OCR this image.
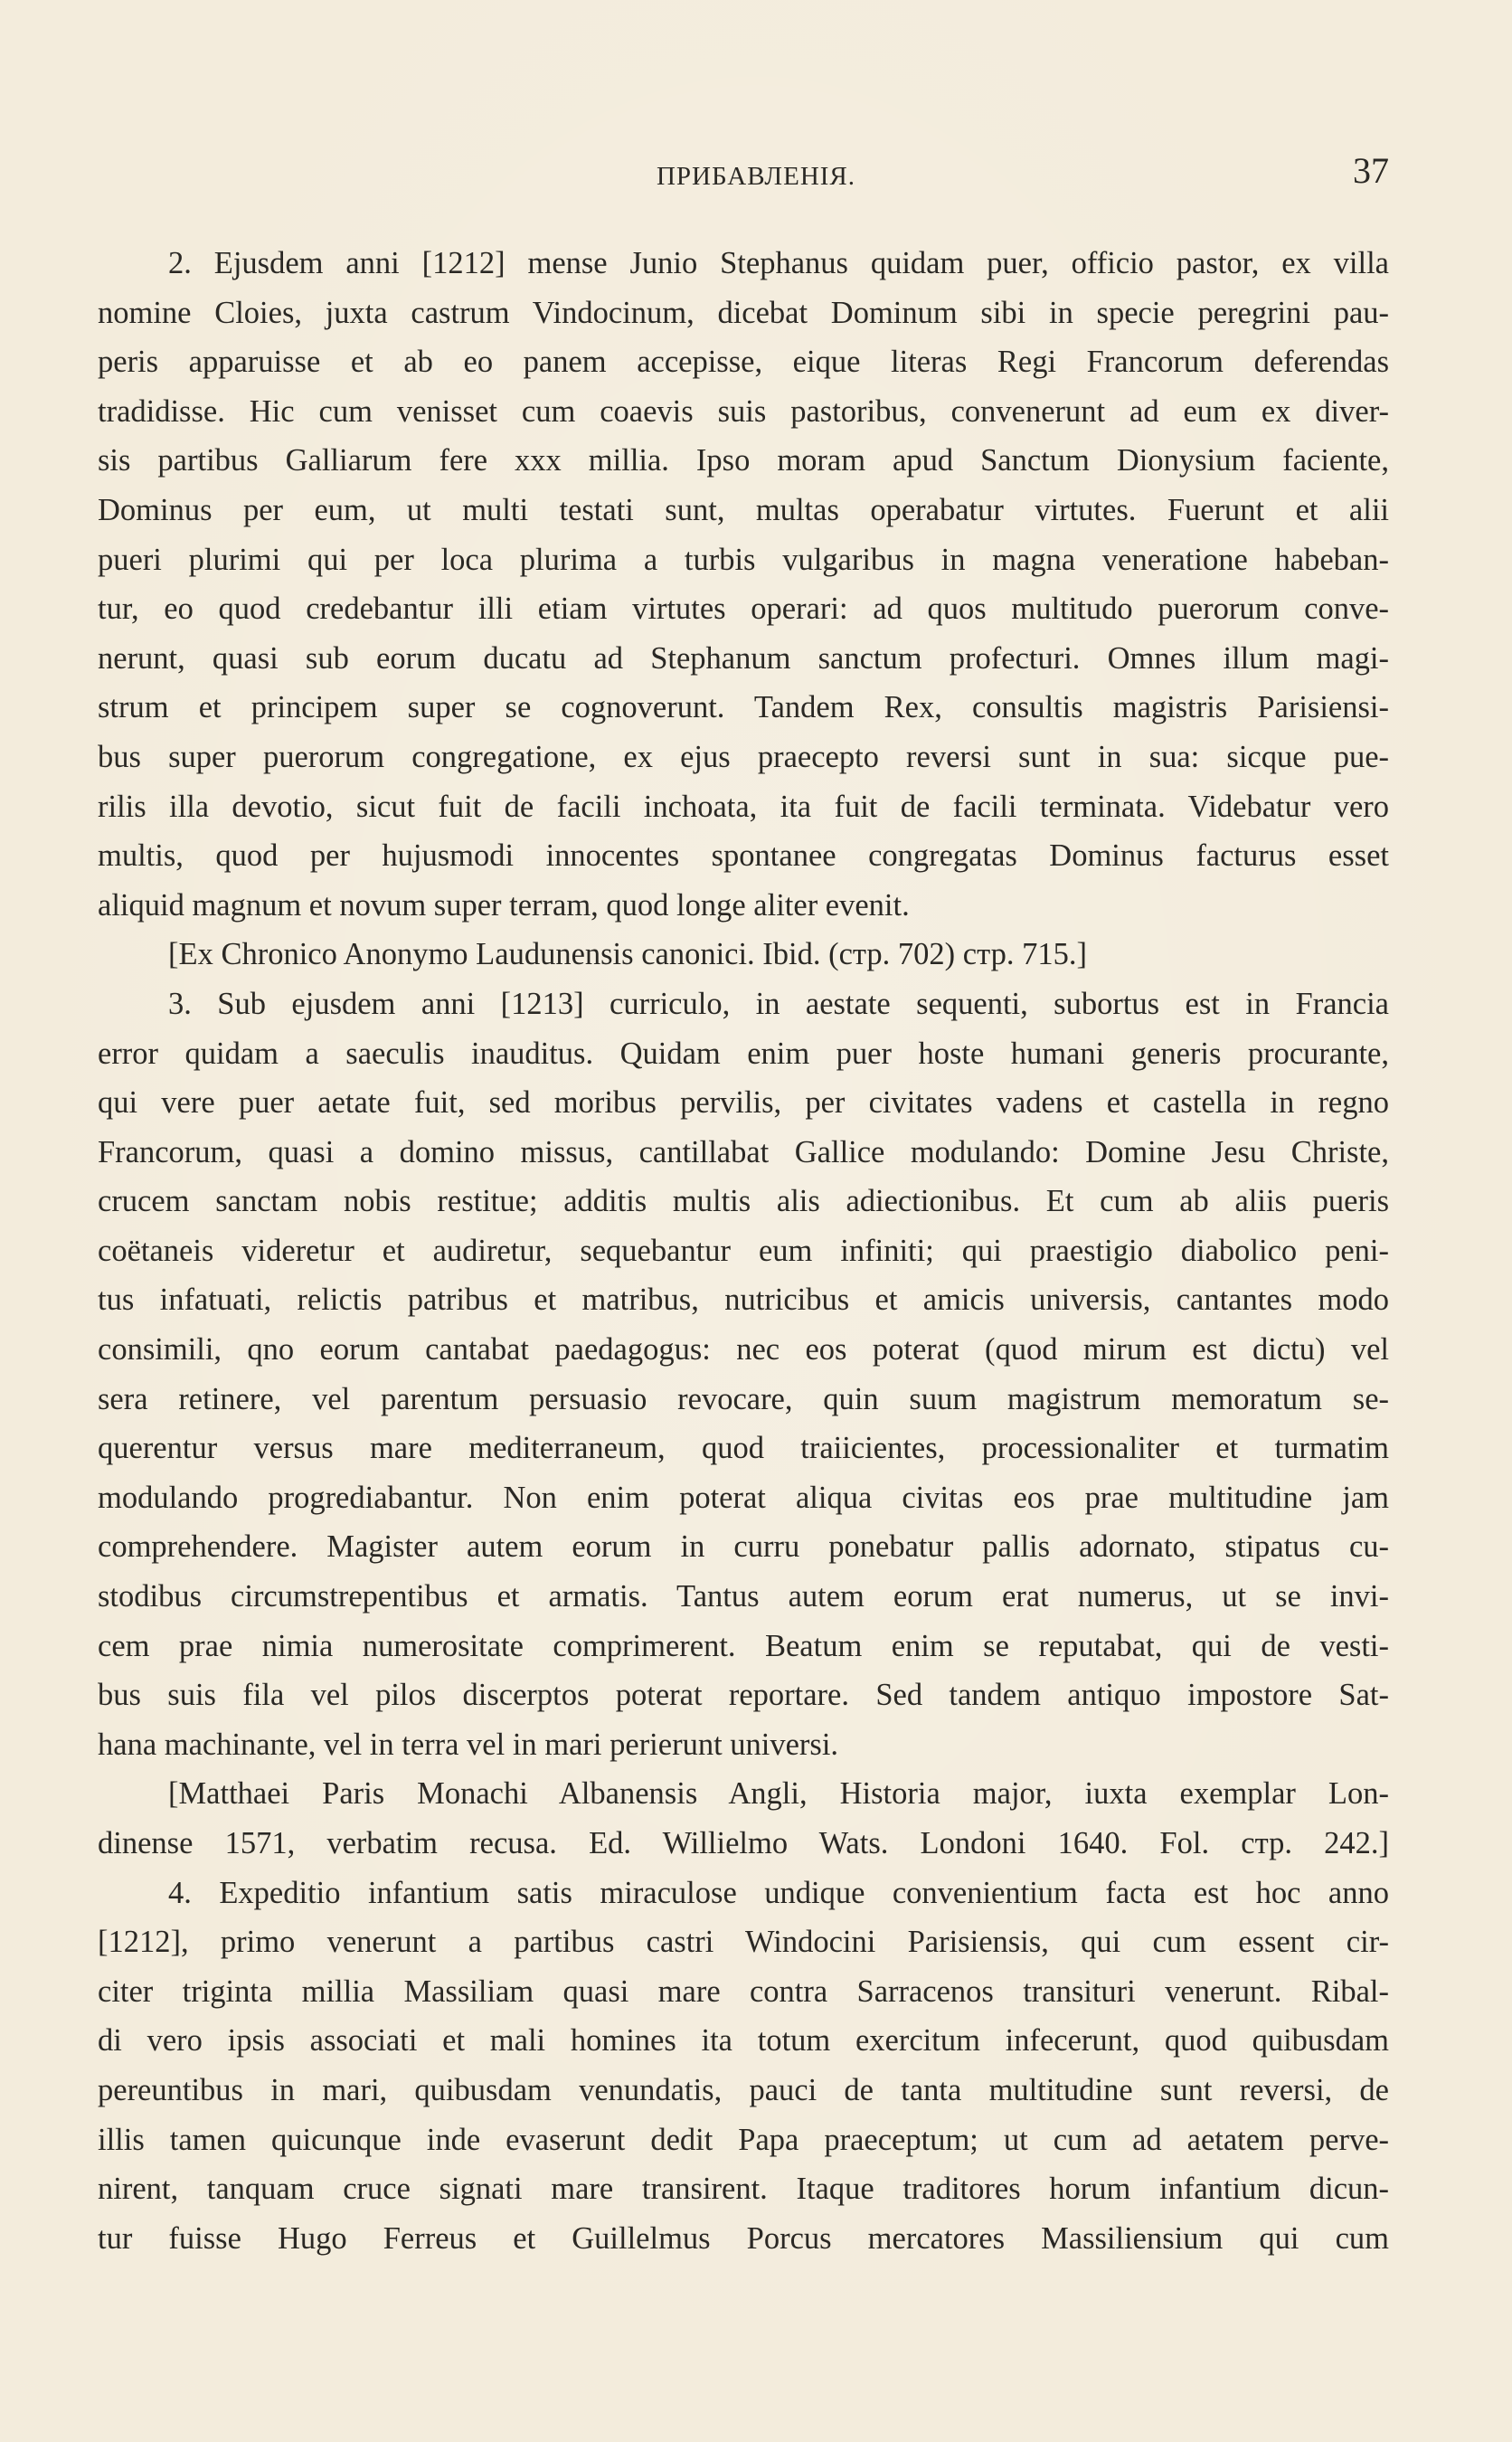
ПРИБАВЛЕНІЯ.	37
2. Ejusdem anni [1212] mense Junio Stephanus quidam puer, officio pastor, ex villa
nomine Cloies, juxta castrum Vindocinum, dicebat Dominum sibi in specie peregrini pau-
peris apparuisse et ab eo panem accepisse, eique literas Regi Francorum deferendas
tradidisse. Hic cum venisset cum coaevis suis pastoribus, convenerunt ad eum ex diver-
sis partibus Galliarum fere xxx millia. Ipso moram apud Sanctum Dionysium faciente,
Dominus per eum, ut multi testati sunt, multas operabatur virtutes. Fuerunt et alii
pueri plurimi qui per loca plurima a turbis vulgaribus in magna veneratione habeban-
tur, eo quod credebantur illi etiam virtutes operari: ad quos multitudo puerorum conve-
nerunt, quasi sub eorum ducatu ad Stephanum sanctum profecturi. Omnes illum magi-
strum et principem super se cognoverunt. Tandem Rex, consultis magistris Parisiensi-
bus super puerorum congregatione, ex ejus praecepto reversi sunt in sua: sicque pue-
rilis illa devotio, sicut fuit de facili inchoata, ita fuit de facili terminata. Videbatur vero
multis, quod per hujusmodi innocentes spontanee congregatas Dominus facturus esset
aliquid magnum et novum super terram, quod longe aliter evenit.
[Ex Chronico Anonymo Laudunensis canonici. Ibid. (стр. 702) стр. 715.]
3. Sub ejusdem anni [1213] curriculo, in aestate sequenti, subortus est in Francia
error quidam a saeculis inauditus. Quidam enim puer hoste humani generis procurante,
qui vere puer aetate fuit, sed moribus pervilis, per civitates vadens et castella in regno
Francorum, quasi a domino missus, cantillabat Gallice modulando: Domine Jesu Christe,
crucem sanctam nobis restitue; additis multis alis adiectionibus. Et cum ab aliis pueris
coëtaneis videretur et audiretur, sequebantur eum infiniti; qui praestigio diabolico peni-
tus infatuati, relictis patribus et matribus, nutricibus et amicis universis, cantantes modo
consimili, qno eorum cantabat paedagogus: nec eos poterat (quod mirum est dictu) vel
sera retinere, vel parentum persuasio revocare, quin suum magistrum memoratum se-
querentur versus mare mediterraneum, quod traiicientes, processionaliter et turmatim
modulando progrediabantur. Non enim poterat aliqua civitas eos prae multitudine jam
comprehendere. Magister autem eorum in curru ponebatur pallis adornato, stipatus cu-
stodibus circumstrepentibus et armatis. Tantus autem eorum erat numerus, ut se invi-
cem prae nimia numerositate comprimerent. Beatum enim se reputabat, qui de vesti-
bus suis fila vel pilos discerptos poterat reportare. Sed tandem antiquo impostore Sat-
hana machinante, vel in terra vel in mari perierunt universi.
[Matthaei Paris Monachi Albanensis Angli, Historia major, iuxta exemplar Lon-
dinense 1571, verbatim recusa. Ed. Willielmo Wats. Londoni 1640. Fol. стр. 242.]
4. Expeditio infantium satis miraculose undique convenientium facta est hoc anno
[1212], primo venerunt a partibus castri Windocini Parisiensis, qui cum essent cir-
citer triginta millia Massiliam quasi mare contra Sarracenos transituri venerunt. Ribal-
di vero ipsis associati et mali homines ita totum exercitum infecerunt, quod quibusdam
pereuntibus in mari, quibusdam venundatis, pauci de tanta multitudine sunt reversi, de
illis tamen quicunque inde evaserunt dedit Papa praeceptum; ut cum ad aetatem perve-
nirent, tanquam cruce signati mare transirent. Itaque traditores horum infantium dicun-
tur fuisse Hugo Ferreus et Guillelmus Porcus mercatores Massiliensium qui cum
